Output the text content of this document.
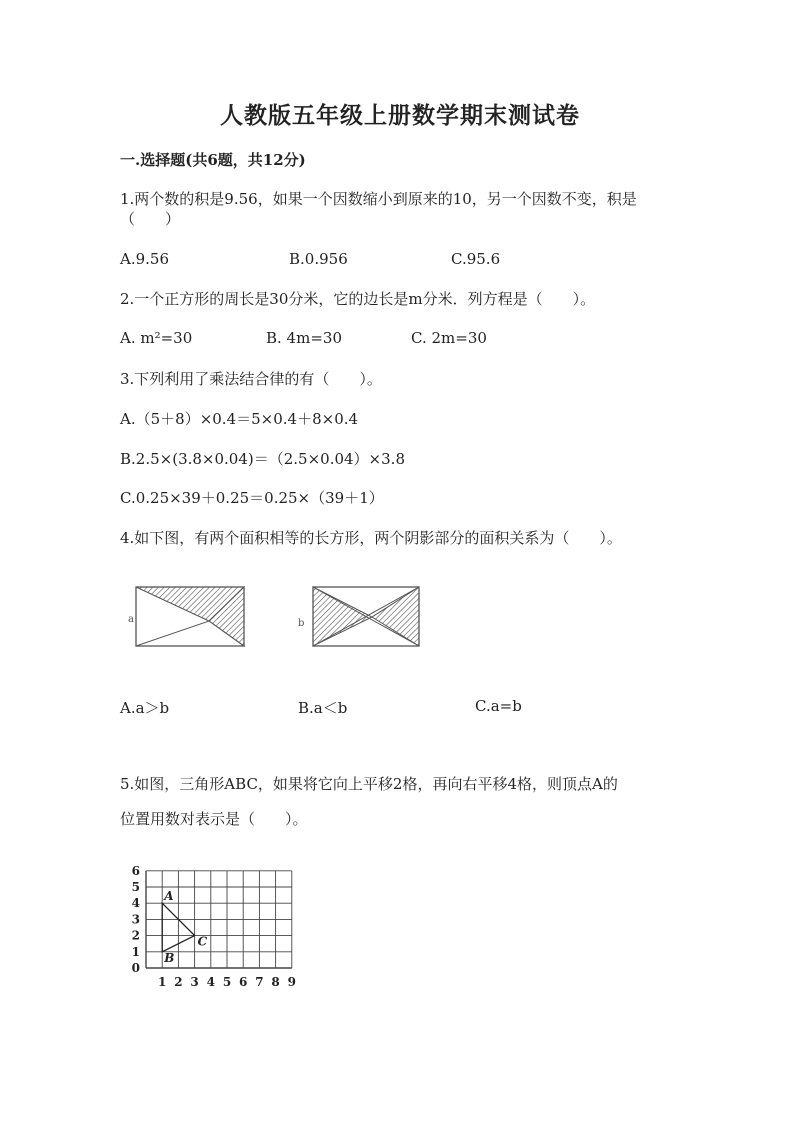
人教版五年级上册数学期末测试卷
一.选择题(共6题，共12分)
1.两个数的积是9.56，如果一个因数缩小到原来的10，另一个因数不变，积是
（　　）
A.9.56	B.0.956	C.95.6
2.一个正方形的周长是30分米，它的边长是m分米．列方程是（　　）。
A. m²=30	B. 4m=30	C. 2m=30
3.下列利用了乘法结合律的有（　　）。
A.（5＋8）×0.4＝5×0.4＋8×0.4
B.2.5×(3.8×0.04)＝（2.5×0.04）×3.8
C.0.25×39＋0.25＝0.25×（39＋1）
4.如下图，有两个面积相等的长方形，两个阴影部分的面积关系为（　　）。
a	b
A.a＞b	B.a＜b	C.a=b
5.如图，三角形ABC，如果将它向上平移2格，再向右平移4格，则顶点A的
位置用数对表示是（　　）。
1 2 3 4 5 6 7 8 9
0
1
2
3
4
5
6
A
B
C
